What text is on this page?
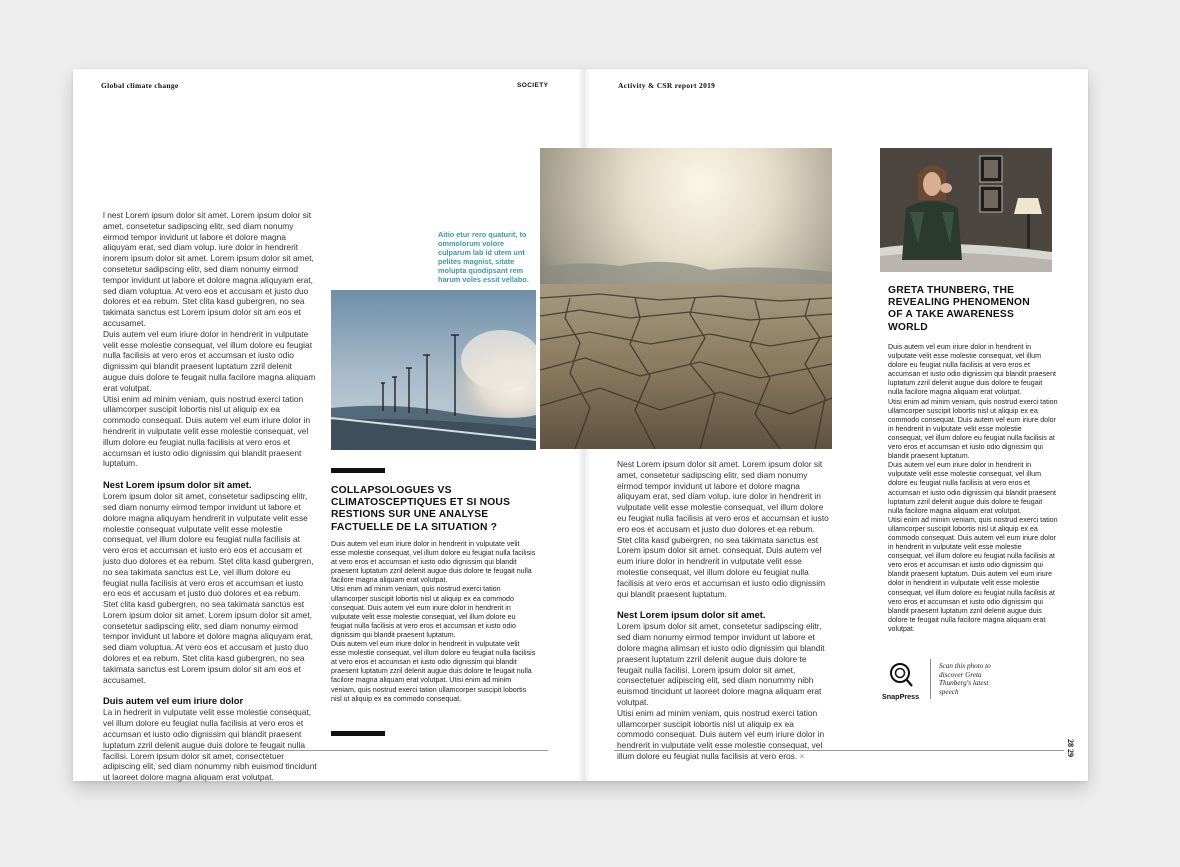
Global climate change	SOCIETY	Activity & CSR report 2019

l nest Lorem ipsum dolor sit amet. Lorem ipsum dolor sit amet, consetetur sadipscing elitr, sed diam nonumy eirmod tempor invidunt ut labore et dolore magna aliquyam erat, sed diam volup. iure dolor in hendrerit inorem ipsum dolor sit amet. Lorem ipsum dolor sit amet, consetetur sadipscing elitr, sed diam nonumy eirmod tempor invidunt ut labore et dolore magna aliquyam erat, sed diam voluptua. At vero eos et accusam et justo duo dolores et ea rebum. Stet clita kasd gubergren, no sea takimata sanctus est Lorem ipsum dolor sit am eos et accusamet.

Duis autem vel eum iriure dolor in hendrerit in vulputate velit esse molestie consequat, vel illum dolore eu feugiat nulla facilisis at vero eros et accumsan et iusto odio dignissim qui blandit praesent luptatum zzril delenit augue duis dolore te feugait nulla facilore magna aliquam erat volutpat.

Utisi enim ad minim veniam, quis nostrud exerci tation ullamcorper suscipit lobortis nisl ut aliquip ex ea commodo consequat. Duis autem vel eum iriure dolor in hendrerit in vulputate velit esse molestie consequat, vel illum dolore eu feugiat nulla facilisis at vero eros et accumsan et iusto odio dignissim qui blandit praesent luptatum.

Nest Lorem ipsum dolor sit amet.

Lorem ipsum dolor sit amet, consetetur sadipscing elitr, sed diam nonumy eirmod tempor invidunt ut labore et dolore magna aliquyam hendrerit in vulputate velit esse molestie consequat vulputate velit esse molestie consequat, vel illum dolore eu feugiat nulla facilisis at vero eros et accumsan et iusto ero eos et accusam et justo duo dolores et ea rebum. Stet clita kasd gubergren, no sea takimata sanctus est Le, vel illum dolore eu feugiat nulla facilisis at vero eros et accumsan et iusto ero eos et accusam et justo duo dolores et ea rebum. Stet clita kasd gubergren, no sea takimata sanctus est Lorem ipsum dolor sit amet. Lorem ipsum dolor sit amet, consetetur sadipscing elitr, sed diam nonumy eirmod tempor invidunt ut labore et dolore magna aliquyam erat, sed diam voluptua. At vero eos et accusam et justo duo dolores et ea rebum. Stet clita kasd gubergren, no sea takimata sanctus est Lorem ipsum dolor sit am eos et accusamet.

Duis autem vel eum iriure dolor

La in hedrerit in vulputate velit esse molestie consequat, vel illum dolore eu feugiat nulla facilisis at vero eros et accumsan et iusto odio dignissim qui blandit praesent luptatum zzril delenit augue duis dolore te feugait nulla facilisi. Lorem ipsum dolor sit amet, consectetuer adipiscing elit, sed diam nonummy nibh euismod tincidunt ut laoreet dolore magna aliquam erat volutpat.

Aitio etur rero quaturit, to ommolorum volore culparum lab id utem unt pelites magnist, sitate molupta quodipsant rem harum voles essit vellabo.
COLLAPSOLOGUES VS CLIMATOSCEPTIQUES ET SI NOUS RESTIONS SUR UNE ANALYSE FACTUELLE DE LA SITUATION ?

Duis autem vel eum iriure dolor in hendrerit in vulputate velit esse molestie consequat, vel illum dolore eu feugiat nulla facilisis at vero eros et accumsan et iusto odio dignissim qui blandit praesent luptatum zzril delenit augue duis dolore te feugait nulla facilore magna aliquam erat volutpat.

Utisi enim ad minim veniam, quis nostrud exerci tation ullamcorper suscipit lobortis nisl ut aliquip ex ea commodo consequat. Duis autem vel eum iriure dolor in hendrerit in vulputate velit esse molestie consequat, vel illum dolore eu feugiat nulla facilisis at vero eros et accumsan et iusto odio dignissim qui blandit praesent luptatum.

Duis autem vel eum iriure dolor in hendrerit in vulputate velit esse molestie consequat, vel illum dolore eu feugiat nulla facilisis at vero eros et accumsan et iusto odio dignissim qui blandit praesent luptatum zzril delenit augue duis dolore te feugait nulla facilore magna aliquam erat volutpat. Utisi enim ad minim veniam, quis nostrud exerci tation ullamcorper suscipit lobortis nisl ut aliquip ex ea commodo consequat.

Nest Lorem ipsum dolor sit amet. Lorem ipsum dolor sit amet, consetetur sadipscing elitr, sed diam nonumy eirmod tempor invidunt ut labore et dolore magna aliquyam erat, sed diam volup. iure dolor in hendrerit in vulputate velit esse molestie consequat, vel illum dolore eu feugiat nulla facilisis at vero eros et accumsan et iusto ero eos et accusam et justo duo dolores et ea rebum. Stet clita kasd gubergren, no sea takimata sanctus est Lorem ipsum dolor sit amet. consequat. Duis autem vel eum iriure dolor in hendrerit in vulputate velit esse molestie consequat, vel illum dolore eu feugiat nulla facilisis at vero eros et accumsan et iusto odio dignissim qui blandit praesent luptatum.

Nest Lorem ipsum dolor sit amet.

Lorem ipsum dolor sit amet, consetetur sadipscing elitr, sed diam nonumy eirmod tempor invidunt ut labore et dolore magna alimsan et iusto odio dignissim qui blandit praesent luptatum zzril delenit augue duis dolore te feugait nulla facilisi. Lorem ipsum dolor sit amet, consectetuer adipiscing elit, sed diam nonummy nibh euismod tincidunt ut laoreet dolore magna aliquam erat volutpat.

Utisi enim ad minim veniam, quis nostrud exerci tation ullamcorper suscipit lobortis nisl ut aliquip ex ea commodo consequat. Duis autem vel eum iriure dolor in hendrerit in vulputate velit esse molestie consequat, vel illum dolore eu feugiat nulla facilisis at vero eros. ×

GRETA THUNBERG, THE REVEALING PHENOMENON OF A TAKE AWARENESS WORLD

Duis autem vel eum iriure dolor in hendrerit in vulputate velit esse molestie consequat, vel illum dolore eu feugiat nulla facilisis at vero eros et accumsan et iusto odio dignissim qui blandit praesent luptatum zzril delenit augue duis dolore te feugait nulla facilore magna aliquam erat volutpat.

Utisi enim ad minim veniam, quis nostrud exerci tation ullamcorper suscipit lobortis nisl ut aliquip ex ea commodo consequat. Duis autem vel eum iriure dolor in hendrerit in vulputate velit esse molestie consequat, vel illum dolore eu feugiat nulla facilisis at vero eros et accumsan et iusto odio dignissim qui blandit praesent luptatum.

Duis autem vel eum iriure dolor in hendrerit in vulputate velit esse molestie consequat, vel illum dolore eu feugiat nulla facilisis at vero eros et accumsan et iusto odio dignissim qui blandit praesent luptatum zzril delenit augue duis dolore te feugait nulla facilore magna aliquam erat volutpat.

Utisi enim ad minim veniam, quis nostrud exerci tation ullamcorper suscipit lobortis nisl ut aliquip ex ea commodo consequat. Duis autem vel eum iriure dolor in hendrerit in vulputate velit esse molestie consequat, vel illum dolore eu feugiat nulla facilisis at vero eros et accumsan et iusto odio dignissim qui blandit praesent luptatum. Duis autem vel eum iriure dolor in hendrerit in vulputate velit esse molestie consequat, vel illum dolore eu feugiat nulla facilisis at vero eros et accumsan et iusto odio dignissim qui blandit praesent luptatum zzril delenit augue duis dolore te feugait nulla facilore magna aliquam erat volutpat.

SnapPress
Scan this photo to discover Greta Thunberg's latest speech
28 29
